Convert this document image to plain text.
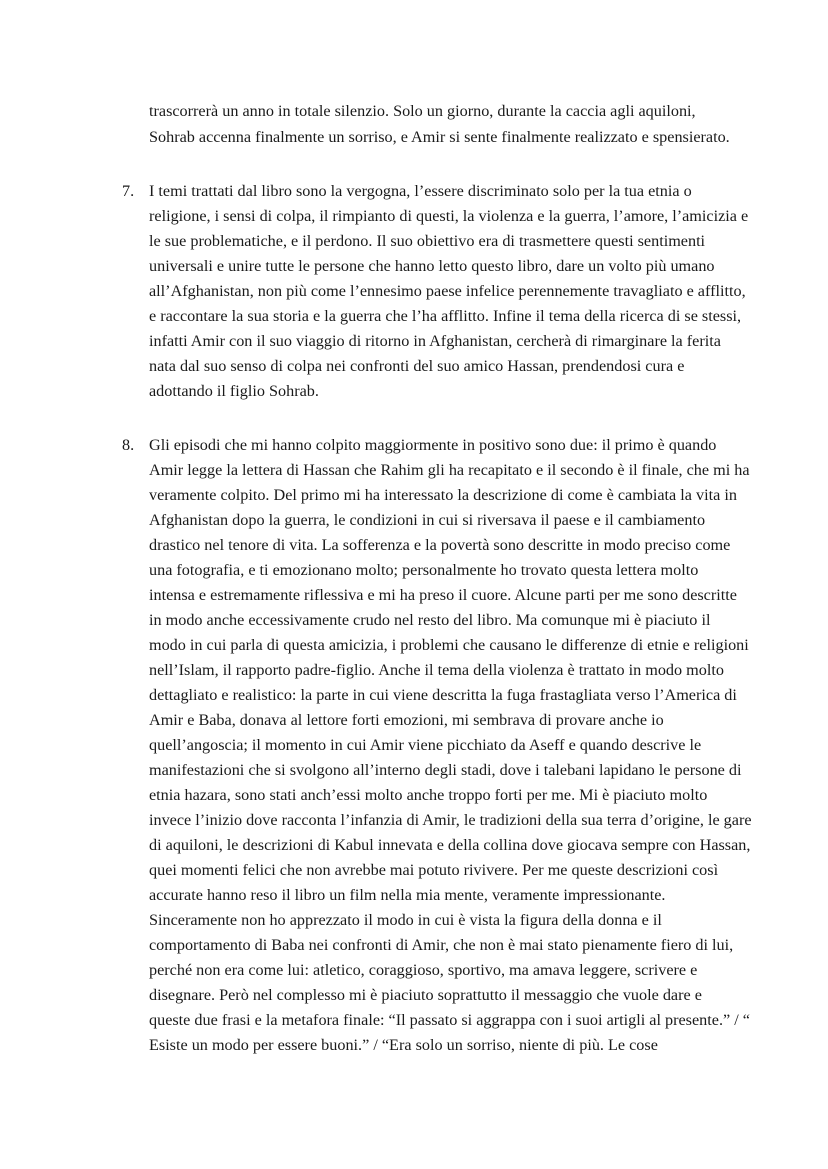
trascorrerà un anno in totale silenzio. Solo un giorno, durante la caccia agli aquiloni,
Sohrab accenna finalmente un sorriso, e Amir si sente finalmente realizzato e spensierato.
7. I temi trattati dal libro sono la vergogna, l’essere discriminato solo per la tua etnia o
religione, i sensi di colpa, il rimpianto di questi, la violenza e la guerra, l’amore, l’amicizia e
le sue problematiche, e il perdono. Il suo obiettivo era di trasmettere questi sentimenti
universali e unire tutte le persone che hanno letto questo libro, dare un volto più umano
all’Afghanistan, non più come l’ennesimo paese infelice perennemente travagliato e afflitto,
e raccontare la sua storia e la guerra che l’ha afflitto. Infine il tema della ricerca di se stessi,
infatti Amir con il suo viaggio di ritorno in Afghanistan, cercherà di rimarginare la ferita
nata dal suo senso di colpa nei confronti del suo amico Hassan, prendendosi cura e
adottando il figlio Sohrab.
8. Gli episodi che mi hanno colpito maggiormente in positivo sono due: il primo è quando
Amir legge la lettera di Hassan che Rahim gli ha recapitato e il secondo è il finale, che mi ha
veramente colpito. Del primo mi ha interessato la descrizione di come è cambiata la vita in
Afghanistan dopo la guerra, le condizioni in cui si riversava il paese e il cambiamento
drastico nel tenore di vita. La sofferenza e la povertà sono descritte in modo preciso come
una fotografia, e ti emozionano molto; personalmente ho trovato questa lettera molto
intensa e estremamente riflessiva e mi ha preso il cuore. Alcune parti per me sono descritte
in modo anche eccessivamente crudo nel resto del libro. Ma comunque mi è piaciuto il
modo in cui parla di questa amicizia, i problemi che causano le differenze di etnie e religioni
nell’Islam, il rapporto padre-figlio. Anche il tema della violenza è trattato in modo molto
dettagliato e realistico: la parte in cui viene descritta la fuga frastagliata verso l’America di
Amir e Baba, donava al lettore forti emozioni, mi sembrava di provare anche io
quell’angoscia; il momento in cui Amir viene picchiato da Aseff e quando descrive le
manifestazioni che si svolgono all’interno degli stadi, dove i talebani lapidano le persone di
etnia hazara, sono stati anch’essi molto anche troppo forti per me. Mi è piaciuto molto
invece l’inizio dove racconta l’infanzia di Amir, le tradizioni della sua terra d’origine, le gare
di aquiloni, le descrizioni di Kabul innevata e della collina dove giocava sempre con Hassan,
quei momenti felici che non avrebbe mai potuto rivivere. Per me queste descrizioni così
accurate hanno reso il libro un film nella mia mente, veramente impressionante.
Sinceramente non ho apprezzato il modo in cui è vista la figura della donna e il
comportamento di Baba nei confronti di Amir, che non è mai stato pienamente fiero di lui,
perché non era come lui: atletico, coraggioso, sportivo, ma amava leggere, scrivere e
disegnare. Però nel complesso mi è piaciuto soprattutto il messaggio che vuole dare e
queste due frasi e la metafora finale: “Il passato si aggrappa con i suoi artigli al presente.” / “
Esiste un modo per essere buoni.” / “Era solo un sorriso, niente di più. Le cose
